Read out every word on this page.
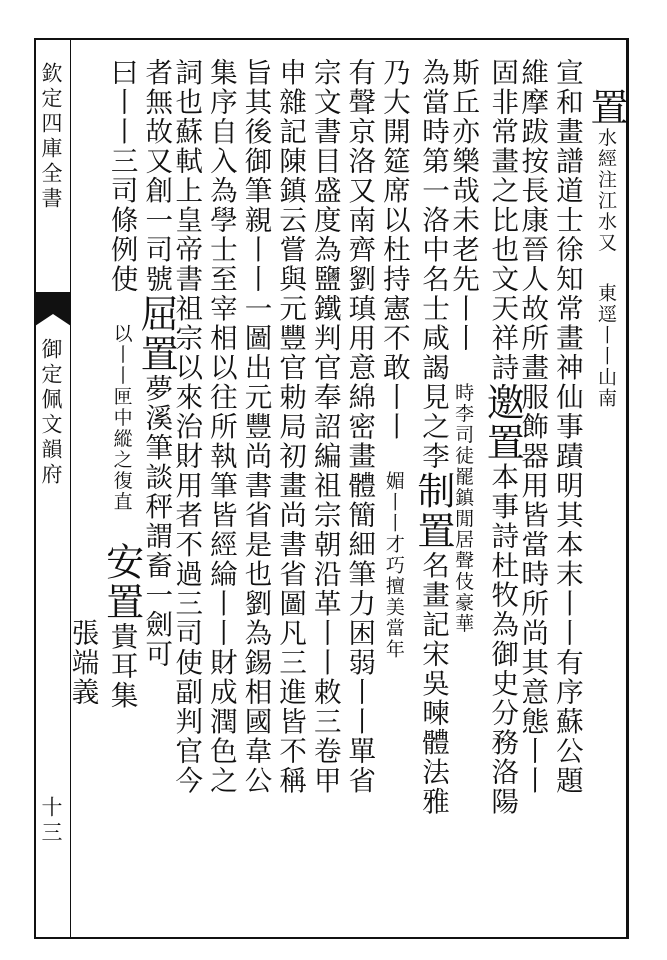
欽定四庫全書
御定佩文韻府
十三
　置水經注江水又　東逕丨丨山南
宣和畫譜道士徐知常畫神仙事蹟明其本末丨丨有序蘇公題
維摩跋按長康晉人故所畫服飾器用皆當時所尚其意態丨丨
固非常畫之比也文天祥詩邀置本事詩杜牧為御史分務洛陽
斯丘亦樂哉未老先丨丨　時李司徒罷鎮閒居聲伎豪華
為當時第一洛中名士咸謁見之李制置名畫記宋吳暕體法雅
乃大開筵席以杜持憲不敢丨丨　媚丨丨才巧擅美當年
有聲京洛又南齊劉瑱用意綿密畫體簡細筆力困弱丨丨單省
宗文書目盛度為鹽鐵判官奉詔編祖宗朝沿革丨丨敕三卷甲
申雜記陳鎮云嘗與元豐官勅局初畫尚書省圖凡三進皆不稱
旨其後御筆親丨丨一圖出元豐尚書省是也劉為錫相國韋公
集序自入為學士至宰相以往所執筆皆經綸丨丨財成潤色之
詞也蘇軾上皇帝書祖宗以來治財用者不過三司使副判官今
者無故又創一司號屈置夢溪筆談秤謂畜一劍可
曰丨丨三司條例使　以丨丨匣中縱之復直　安置貴耳集
　　　　　　　　　　　　　　　　　　　張端義
